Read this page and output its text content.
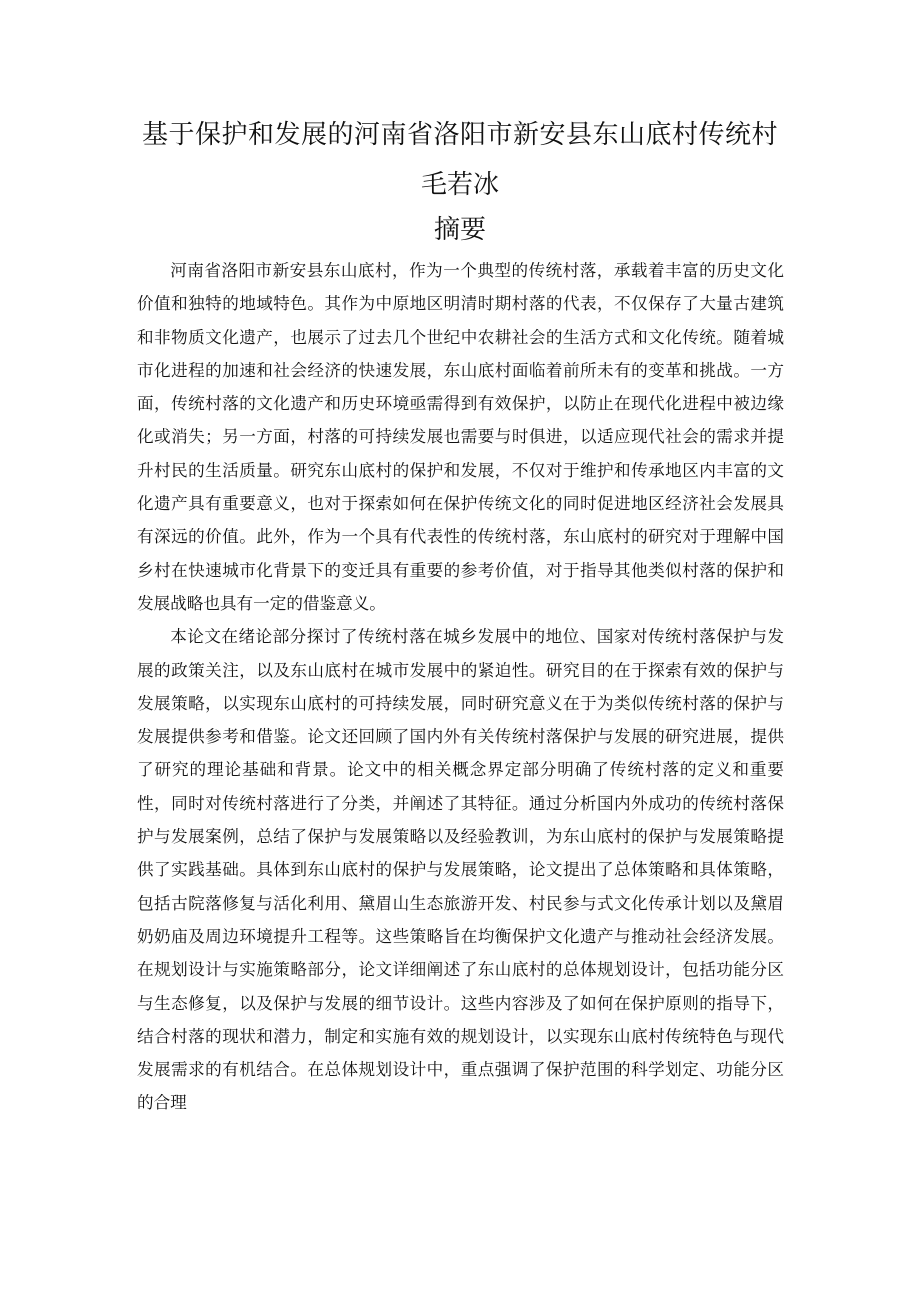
基于保护和发展的河南省洛阳市新安县东山底村传统村
毛若冰
摘要

河南省洛阳市新安县东山底村，作为一个典型的传统村落，承载着丰富的历史文化价值和独特的地域特色。其作为中原地区明清时期村落的代表，不仅保存了大量古建筑和非物质文化遗产，也展示了过去几个世纪中农耕社会的生活方式和文化传统。随着城市化进程的加速和社会经济的快速发展，东山底村面临着前所未有的变革和挑战。一方面，传统村落的文化遗产和历史环境亟需得到有效保护，以防止在现代化进程中被边缘化或消失；另一方面，村落的可持续发展也需要与时俱进，以适应现代社会的需求并提升村民的生活质量。研究东山底村的保护和发展，不仅对于维护和传承地区内丰富的文化遗产具有重要意义，也对于探索如何在保护传统文化的同时促进地区经济社会发展具有深远的价值。此外，作为一个具有代表性的传统村落，东山底村的研究对于理解中国乡村在快速城市化背景下的变迁具有重要的参考价值，对于指导其他类似村落的保护和发展战略也具有一定的借鉴意义。

本论文在绪论部分探讨了传统村落在城乡发展中的地位、国家对传统村落保护与发展的政策关注，以及东山底村在城市发展中的紧迫性。研究目的在于探索有效的保护与发展策略，以实现东山底村的可持续发展，同时研究意义在于为类似传统村落的保护与发展提供参考和借鉴。论文还回顾了国内外有关传统村落保护与发展的研究进展，提供了研究的理论基础和背景。论文中的相关概念界定部分明确了传统村落的定义和重要性，同时对传统村落进行了分类，并阐述了其特征。通过分析国内外成功的传统村落保护与发展案例，总结了保护与发展策略以及经验教训，为东山底村的保护与发展策略提供了实践基础。具体到东山底村的保护与发展策略，论文提出了总体策略和具体策略，包括古院落修复与活化利用、黛眉山生态旅游开发、村民参与式文化传承计划以及黛眉奶奶庙及周边环境提升工程等。这些策略旨在均衡保护文化遗产与推动社会经济发展。在规划设计与实施策略部分，论文详细阐述了东山底村的总体规划设计，包括功能分区与生态修复，以及保护与发展的细节设计。这些内容涉及了如何在保护原则的指导下，结合村落的现状和潜力，制定和实施有效的规划设计，以实现东山底村传统特色与现代发展需求的有机结合。在总体规划设计中，重点强调了保护范围的科学划定、功能分区的合理
